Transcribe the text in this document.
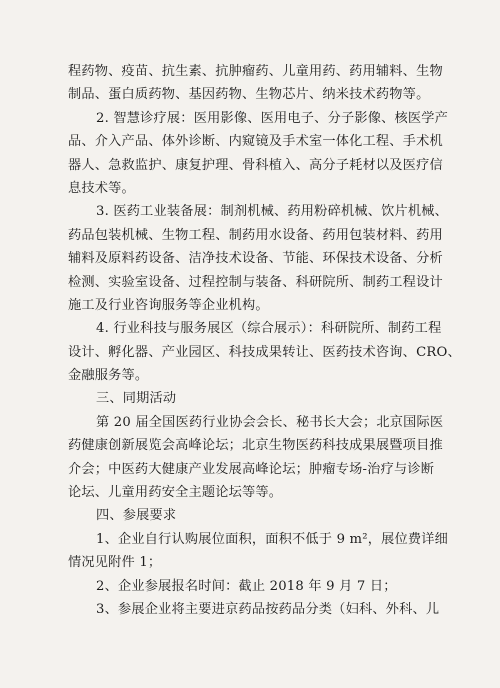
程药物、疫苗、抗生素、抗肿瘤药、儿童用药、药用辅料、生物
制品、蛋白质药物、基因药物、生物芯片、纳米技术药物等。
2. 智慧诊疗展：医用影像、医用电子、分子影像、核医学产
品、介入产品、体外诊断、内窥镜及手术室一体化工程、手术机
器人、急救监护、康复护理、骨科植入、高分子耗材以及医疗信
息技术等。
3. 医药工业装备展：制剂机械、药用粉碎机械、饮片机械、
药品包装机械、生物工程、制药用水设备、药用包装材料、药用
辅料及原料药设备、洁净技术设备、节能、环保技术设备、分析
检测、实验室设备、过程控制与装备、科研院所、制药工程设计
施工及行业咨询服务等企业机构。
4. 行业科技与服务展区（综合展示）：科研院所、制药工程
设计、孵化器、产业园区、科技成果转让、医药技术咨询、CRO、
金融服务等。
三、同期活动
第 20 届全国医药行业协会会长、秘书长大会；北京国际医
药健康创新展览会高峰论坛；北京生物医药科技成果展暨项目推
介会；中医药大健康产业发展高峰论坛；肿瘤专场-治疗与诊断
论坛、儿童用药安全主题论坛等等。
四、参展要求
1、企业自行认购展位面积，面积不低于 9 m²，展位费详细
情况见附件 1；
2、企业参展报名时间：截止 2018 年 9 月 7 日；
3、参展企业将主要进京药品按药品分类（妇科、外科、儿
